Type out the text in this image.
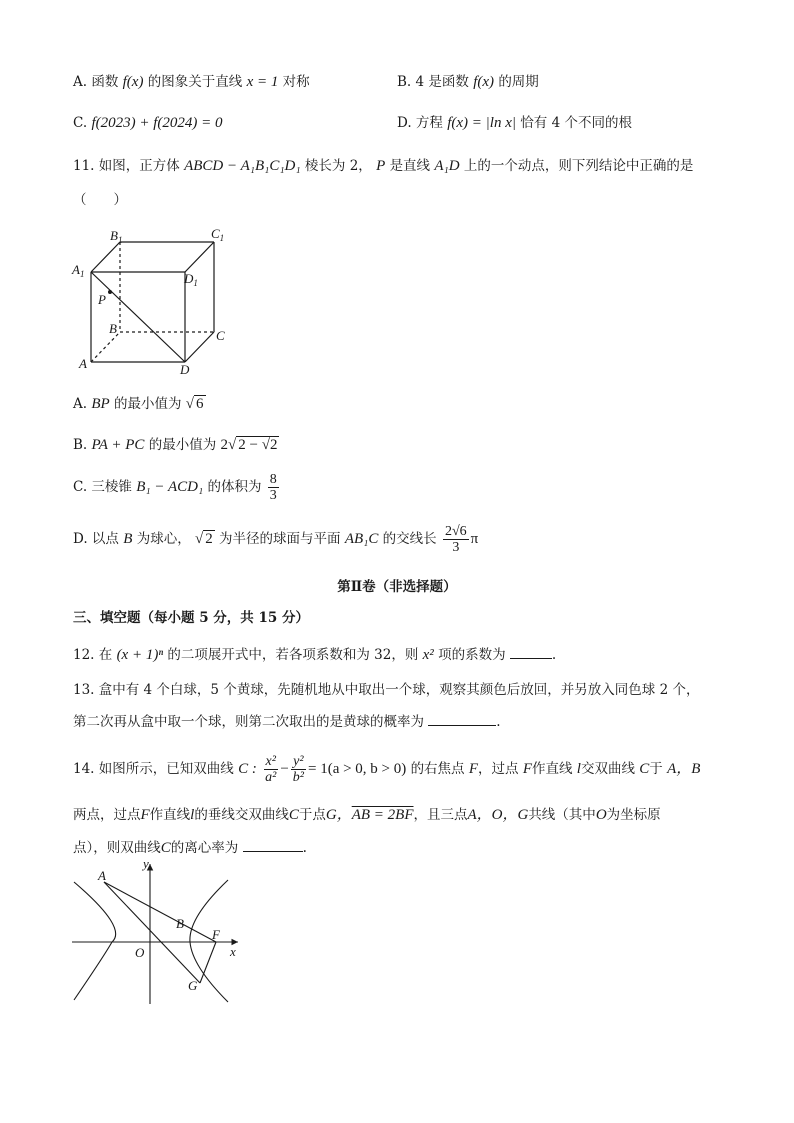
A. 函数 f(x) 的图象关于直线 x = 1 对称	B. 4 是函数 f(x) 的周期
C. f(2023) + f(2024) = 0	D. 方程 f(x) = |ln x| 恰有 4 个不同的根
11. 如图，正方体 ABCD − A₁B₁C₁D₁ 棱长为 2， P 是直线 A₁D 上的一个动点，则下列结论中正确的是
（　　）
$B_1$	$C_1$
$A_1$	$D_1$
P
B	C
A	D
A. BP 的最小值为 √ 6
B. PA + PC 的最小值为 2√ 2 − √2
C. 三棱锥 B₁ − ACD₁ 的体积为 $\frac{8}{3}$
D. 以点 B 为球心， √ 2 为半径的球面与平面 AB₁C 的交线长 $\frac{2√6}{3}$ π
第Ⅱ卷（非选择题）
三、填空题（每小题 5 分，共 15 分）
12. 在 (x + 1)ⁿ 的二项展开式中，若各项系数和为 32，则 x² 项的系数为	.
13. 盒中有 4 个白球，5 个黄球，先随机地从中取出一个球，观察其颜色后放回，并另放入同色球 2 个，
第二次再从盒中取一个球，则第二次取出的是黄球的概率为	.
14. 如图所示，已知双曲线 C : $\frac{\text{x²}}{\text{a²}} - \frac{\text{y²}}{\text{b²}} = 1(a > 0$, b > 0) 的右焦点 F，过点 F作直线 l交双曲线 C于 A，B
两点，过点F作直线l的垂线交双曲线C于点G，AB = 2BF，且三点A，O，G共线（其中O为坐标原
点），则双曲线C的离心率为	.
y
x
A
B
F
O
G
